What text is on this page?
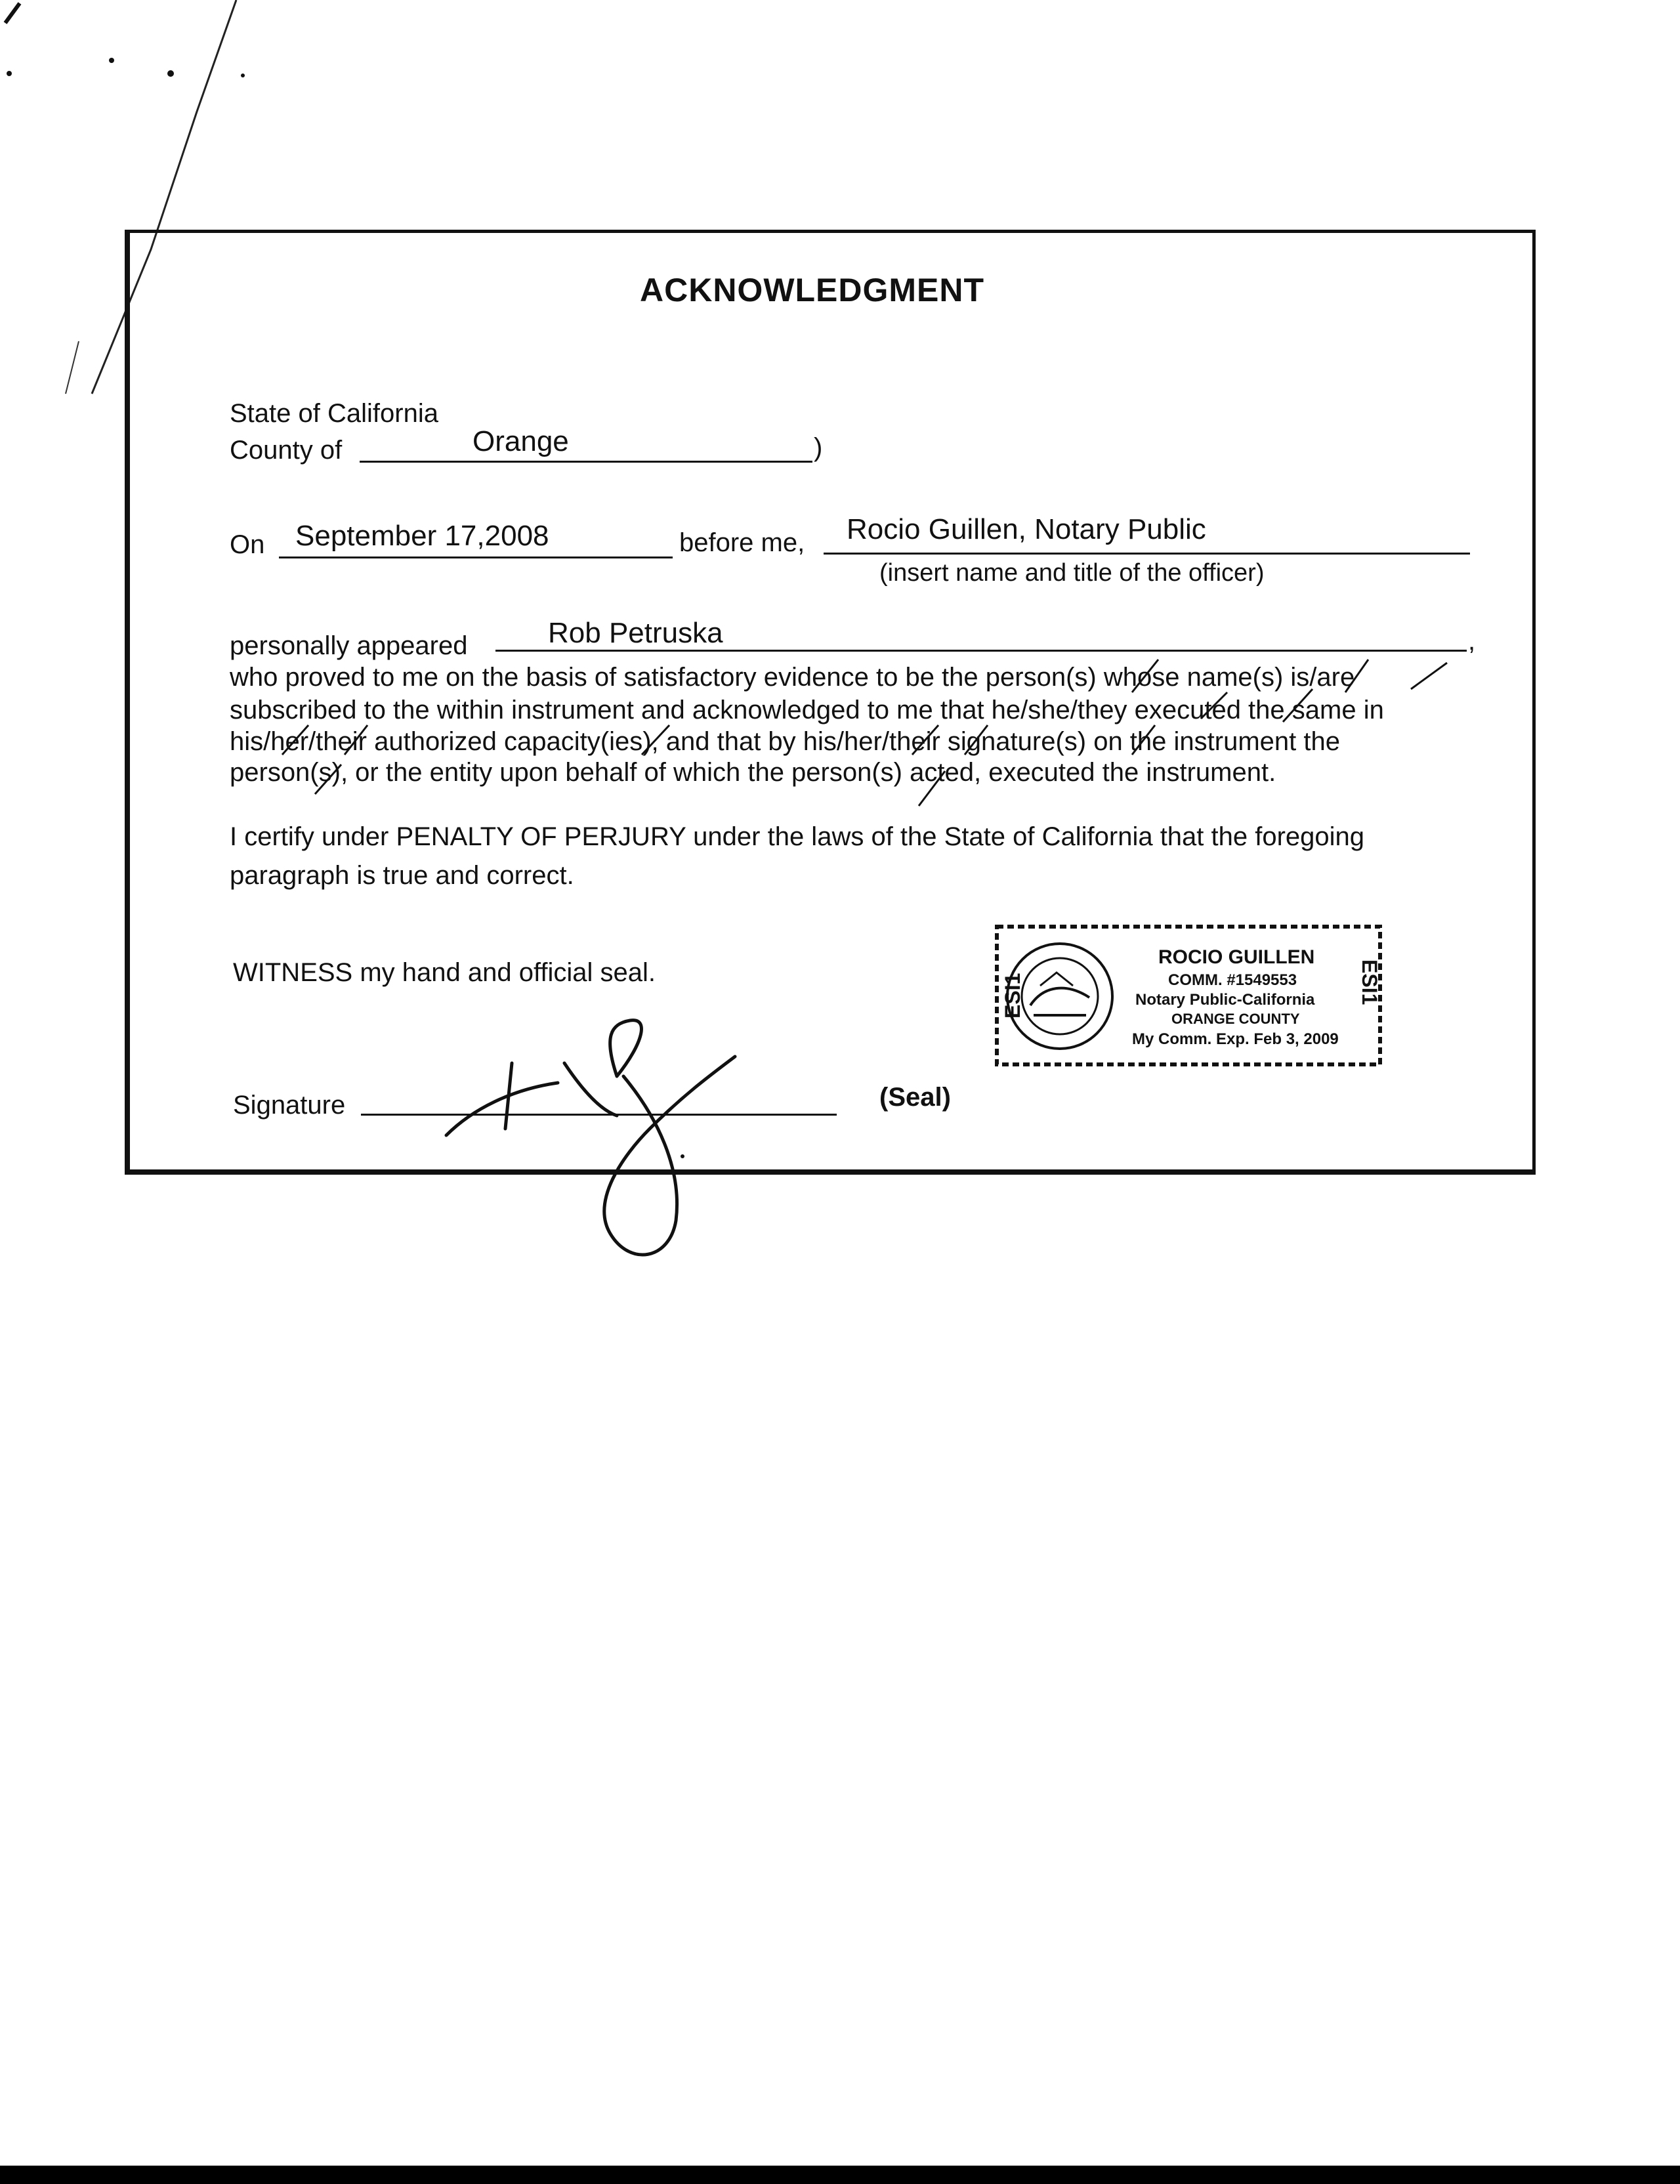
ACKNOWLEDGMENT
State of California
County of	Orange	)
On September 17,2008	before me, Rocio Guillen, Notary Public
(insert name and title of the officer)
personally appeared	Rob Petruska	,
who proved to me on the basis of satisfactory evidence to be the person(s) whose name(s) is/are
subscribed to the within instrument and acknowledged to me that he/she/they executed the same in
his/her/their authorized capacity(ies), and that by his/her/their signature(s) on the instrument the
person(s), or the entity upon behalf of which the person(s) acted, executed the instrument.
I certify under PENALTY OF PERJURY under the laws of the State of California that the foregoing
paragraph is true and correct.
WITNESS my hand and official seal.
Signature	(Seal)
ESI1	ESI1
ROCIO GUILLEN
COMM. #1549553
Notary Public-California
ORANGE COUNTY
My Comm. Exp. Feb 3, 2009
